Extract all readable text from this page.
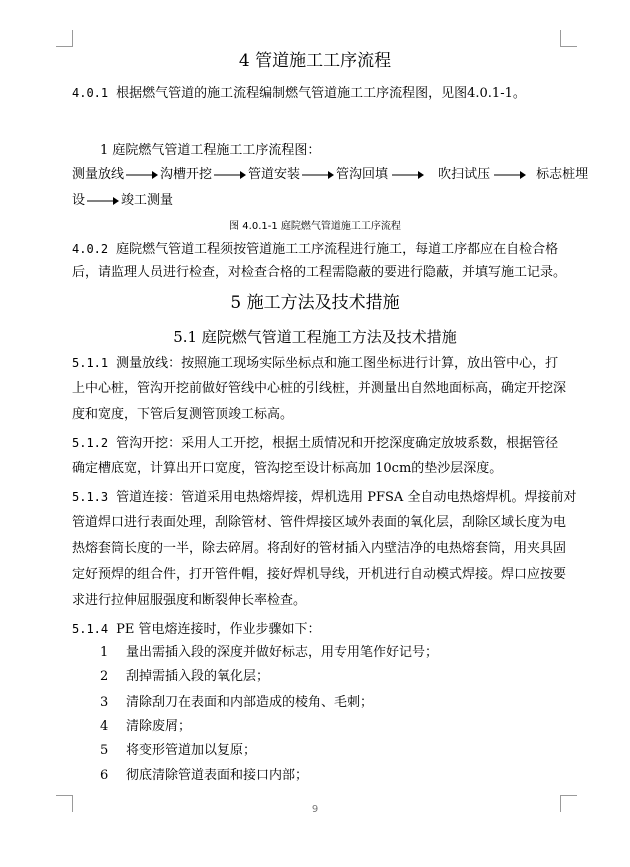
4 管道施工工序流程
4.0.1 根据燃气管道的施工流程编制燃气管道施工工序流程图，见图4.0.1-1。
1 庭院燃气管道工程施工工序流程图：
测量放线	沟槽开挖	管道安装	管沟回填	吹扫试压	标志桩埋
设	竣工测量
图 4.0.1-1 庭院燃气管道施工工序流程
4.0.2 庭院燃气管道工程须按管道施工工序流程进行施工，每道工序都应在自检合格
后，请监理人员进行检查，对检查合格的工程需隐蔽的要进行隐蔽，并填写施工记录。
5 施工方法及技术措施
5.1 庭院燃气管道工程施工方法及技术措施
5.1.1 测量放线：按照施工现场实际坐标点和施工图坐标进行计算，放出管中心，打
上中心桩，管沟开挖前做好管线中心桩的引线桩，并测量出自然地面标高，确定开挖深
度和宽度，下管后复测管顶竣工标高。
5.1.2 管沟开挖：采用人工开挖，根据土质情况和开挖深度确定放坡系数，根据管径
确定槽底宽，计算出开口宽度，管沟挖至设计标高加 10cm的垫沙层深度。
5.1.3 管道连接：管道采用电热熔焊接，焊机选用 PFSA 全自动电热熔焊机。焊接前对
管道焊口进行表面处理，刮除管材、管件焊接区域外表面的氧化层，刮除区域长度为电
热熔套筒长度的一半，除去碎屑。将刮好的管材插入内壁洁净的电热熔套筒，用夹具固
定好预焊的组合件，打开管件帽，接好焊机导线，开机进行自动模式焊接。焊口应按要
求进行拉伸屈服强度和断裂伸长率检查。
5.1.4 PE 管电熔连接时，作业步骤如下：
1 量出需插入段的深度并做好标志，用专用笔作好记号；
2 刮掉需插入段的氧化层；
3 清除刮刀在表面和内部造成的棱角、毛刺；
4 清除废屑；
5 将变形管道加以复原；
6 彻底清除管道表面和接口内部；
9
